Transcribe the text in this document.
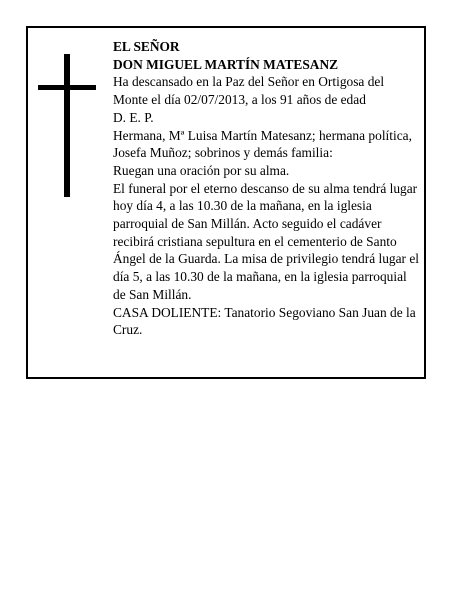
EL SEÑOR

DON MIGUEL MARTÍN MATESANZ

Ha descansado en la Paz del Señor en Ortigosa del Monte el día 02/07/2013, a los 91 años de edad

D. E. P.

Hermana, Mª Luisa Martín Matesanz; hermana política, Josefa Muñoz; sobrinos y demás familia:

Ruegan una oración por su alma.

El funeral por el eterno descanso de su alma tendrá lugar hoy día 4, a las 10.30 de la mañana, en la iglesia parroquial de San Millán. Acto seguido el cadáver recibirá cristiana sepultura en el cementerio de Santo Ángel de la Guarda. La misa de privilegio tendrá lugar el día 5, a las 10.30 de la mañana, en la iglesia parroquial de San Millán.

CASA DOLIENTE: Tanatorio Segoviano San Juan de la Cruz.
